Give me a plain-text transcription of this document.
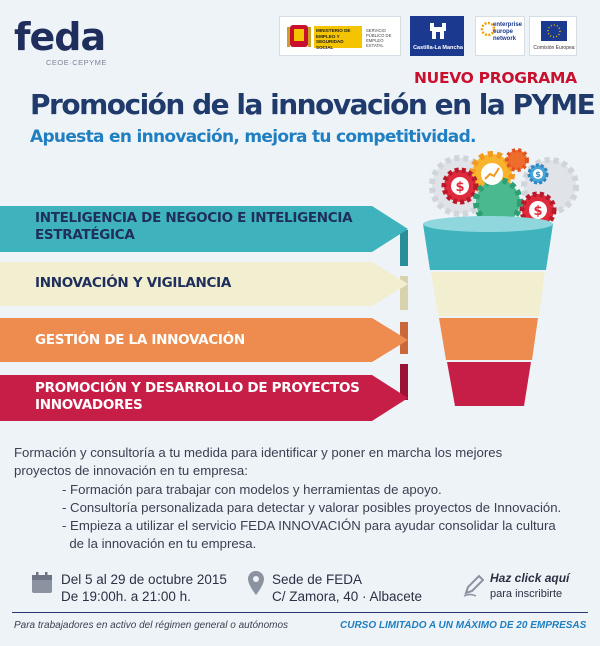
feda
CEOE·CEPYME
MINISTERIO DE EMPLEO Y SEGURIDAD SOCIAL
SERVICIO PÚBLICO DE EMPLEO ESTATAL	Castilla-La Mancha
enterprise europe network
Comisión Europea
NUEVO PROGRAMA
Promoción de la innovación en la PYME
Apuesta en innovación, mejora tu competitividad.
$
$
$
INTELIGENCIA DE NEGOCIO E INTELIGENCIA
ESTRATÉGICA
INNOVACIÓN Y VIGILANCIA
GESTIÓN DE LA INNOVACIÓN
PROMOCIÓN Y DESARROLLO DE PROYECTOS
INNOVADORES
Formación y consultoría a tu medida para identificar y poner en marcha los mejores
proyectos de innovación en tu empresa:
- Formación para trabajar con modelos y herramientas de apoyo.
- Consultoría personalizada para detectar y valorar posibles proyectos de Innovación.
- Empieza a utilizar el servicio FEDA INNOVACIÓN para ayudar consolidar la cultura
de la innovación en tu empresa.
Del 5 al 29 de octubre 2015
De 19:00h. a 21:00 h.
Sede de FEDA
C/ Zamora, 40 · Albacete
Haz click aquí
para inscribirte
Para trabajadores en activo del régimen general o autónomos	CURSO LIMITADO A UN MÁXIMO DE 20 EMPRESAS
